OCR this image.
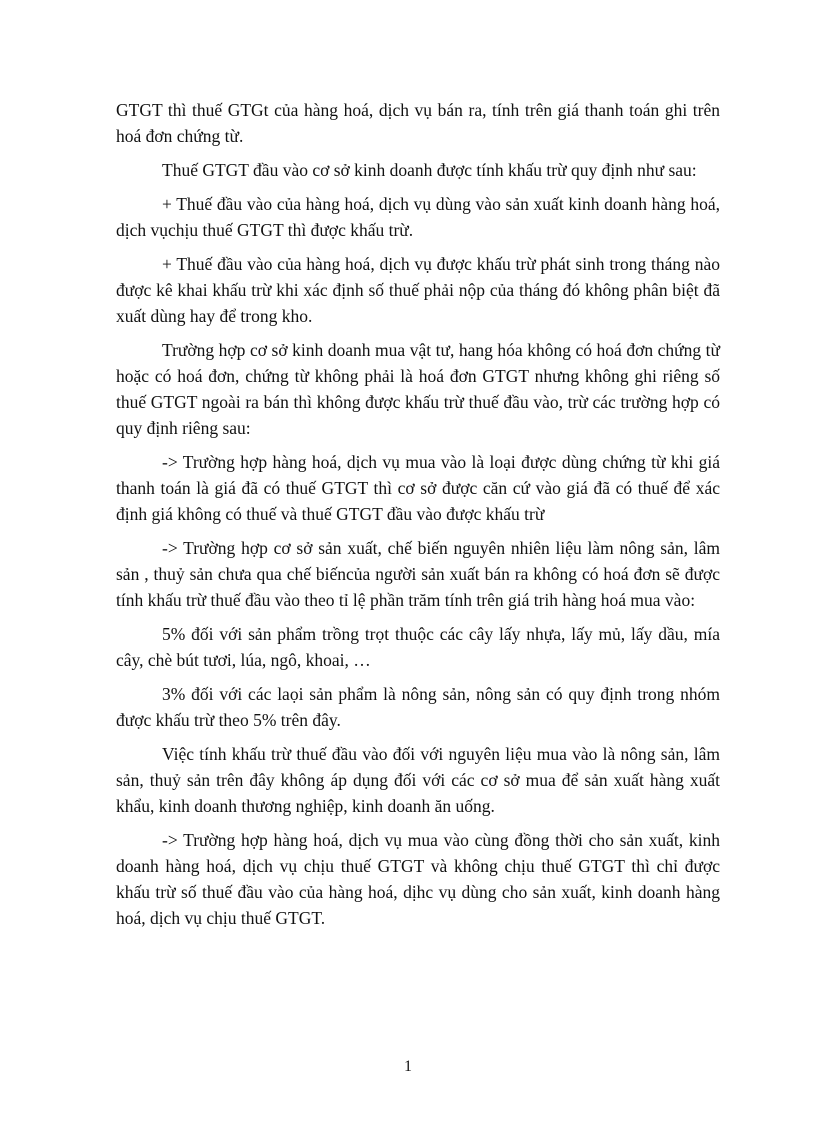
GTGT thì thuế GTGt của hàng hoá, dịch vụ bán ra, tính trên giá thanh toán ghi trên hoá đơn chứng từ.

Thuế GTGT đầu vào cơ sở kinh doanh được tính khấu trừ quy định như sau:

+ Thuế đầu vào của hàng hoá, dịch vụ dùng vào sản xuất kinh doanh hàng hoá, dịch vụchịu thuế GTGT thì được khấu trừ.

+ Thuế đầu vào của hàng hoá, dịch vụ được khấu trừ phát sinh trong tháng nào được kê khai khấu trừ khi xác định số thuế phải nộp của tháng đó không phân biệt đã xuất dùng hay để trong kho.

Trường hợp cơ sở kinh doanh mua vật tư, hang hóa không có hoá đơn chứng từ hoặc có hoá đơn, chứng từ không phải là hoá đơn GTGT nhưng không ghi riêng số thuế GTGT ngoài ra bán thì không được khấu trừ thuế đầu vào, trừ các trường hợp có quy định riêng sau:

-> Trường hợp hàng hoá, dịch vụ mua vào là loại được dùng chứng từ khi giá thanh toán là giá đã có thuế GTGT thì cơ sở được căn cứ vào giá đã có thuế để xác định giá không có thuế và thuế GTGT đầu vào được khấu trừ

-> Trường hợp cơ sở sản xuất, chế biến nguyên nhiên liệu làm nông sản, lâm sản , thuỷ sản chưa qua chế biếncủa người sản xuất bán ra không có hoá đơn sẽ được tính khấu trừ thuế đầu vào theo tỉ lệ phần trăm tính trên giá trih hàng hoá mua vào:

5% đối với sản phẩm trồng trọt thuộc các cây lấy nhựa, lấy mủ, lấy dầu, mía cây, chè bút tươi, lúa, ngô, khoai, …

3% đối với các laọi sản phẩm là nông sản, nông sản có quy định trong nhóm được khấu trừ theo 5% trên đây.

Việc tính khấu trừ thuế đầu vào đối với nguyên liệu mua vào là nông sản, lâm sản, thuỷ sản trên đây không áp dụng đối với các cơ sở mua để sản xuất hàng xuất khẩu, kinh doanh thương nghiệp, kinh doanh ăn uống.

-> Trường hợp hàng hoá, dịch vụ mua vào cùng đồng thời cho sản xuất, kinh doanh hàng hoá, dịch vụ chịu thuế GTGT và không chịu thuế GTGT thì chỉ được khấu trừ số thuế đầu vào của hàng hoá, dịhc vụ dùng cho sản xuất, kinh doanh hàng hoá, dịch vụ chịu thuế GTGT.

1
